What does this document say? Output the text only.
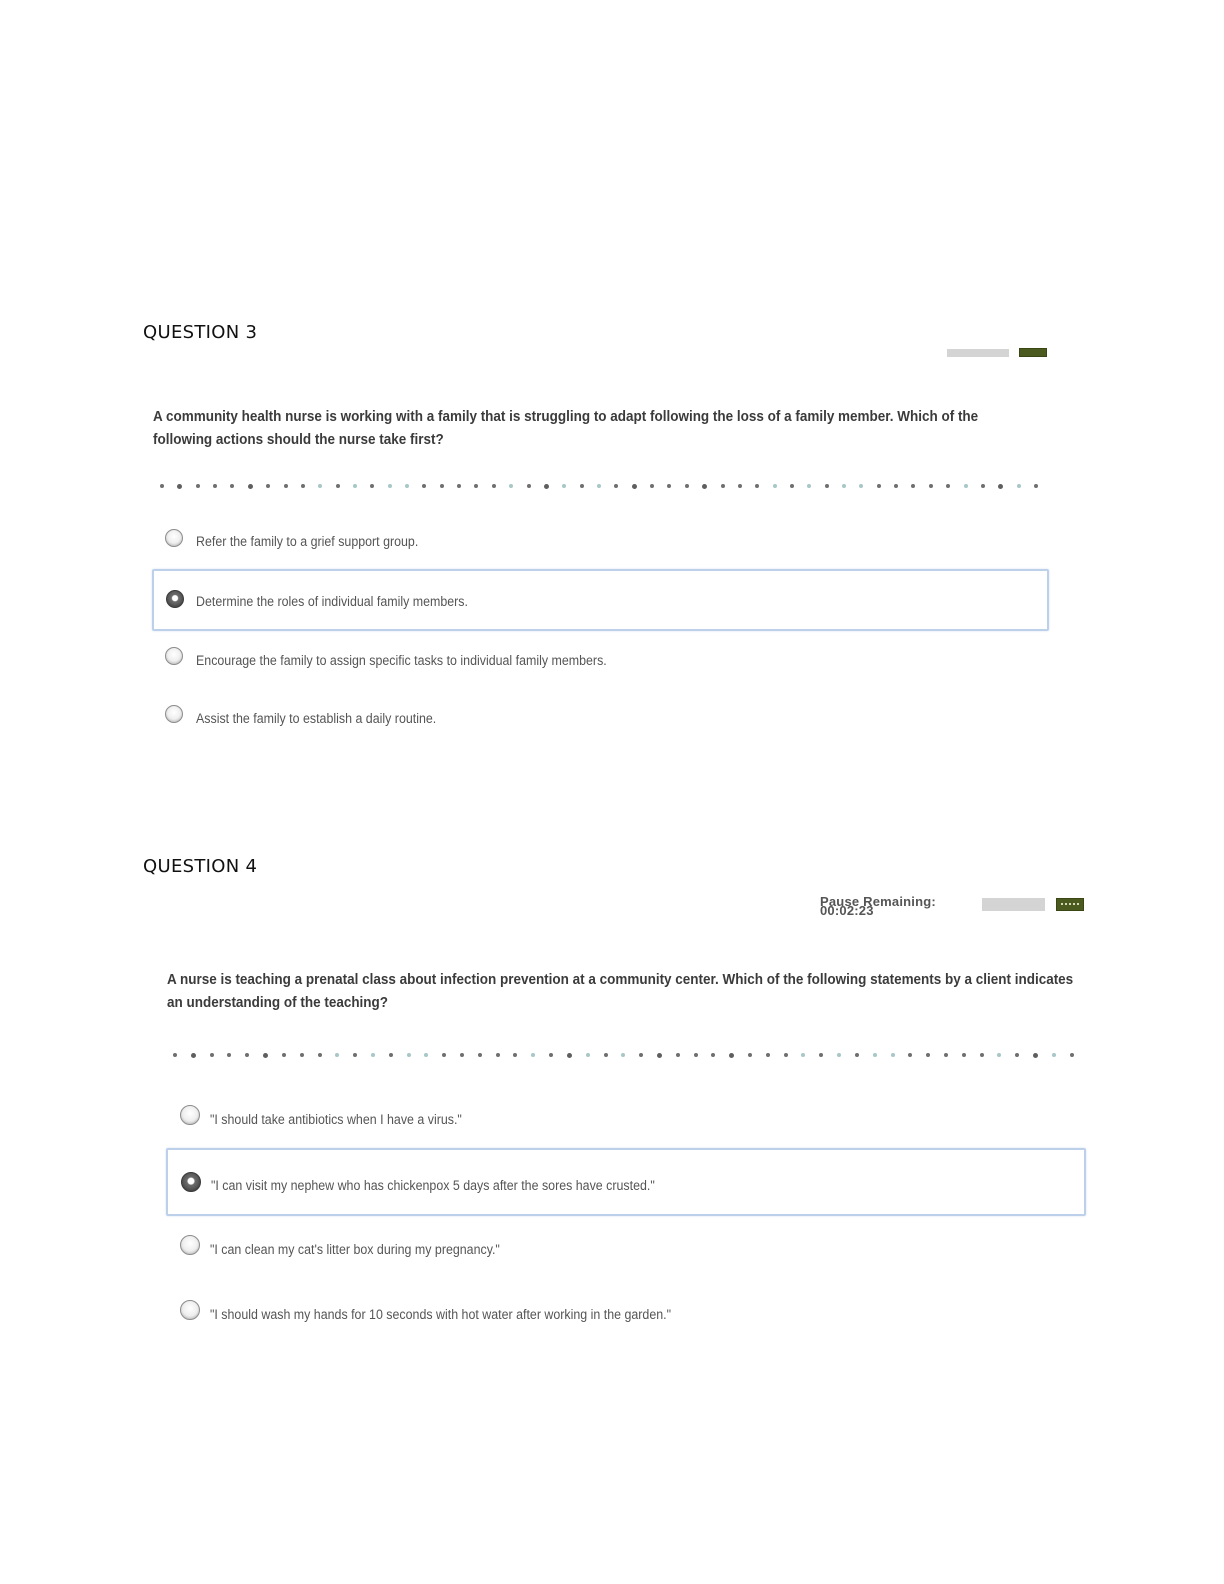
QUESTION 3
A community health nurse is working with a family that is struggling to adapt following the loss of a family member. Which of the following actions should the nurse take first?
Refer the family to a grief support group.
Determine the roles of individual family members.
Encourage the family to assign specific tasks to individual family members.
Assist the family to establish a daily routine.
QUESTION 4
Pause Remaining: 00:02:23
A nurse is teaching a prenatal class about infection prevention at a community center. Which of the following statements by a client indicates an understanding of the teaching?
"I should take antibiotics when I have a virus."
"I can visit my nephew who has chickenpox 5 days after the sores have crusted."
"I can clean my cat's litter box during my pregnancy."
"I should wash my hands for 10 seconds with hot water after working in the garden."
